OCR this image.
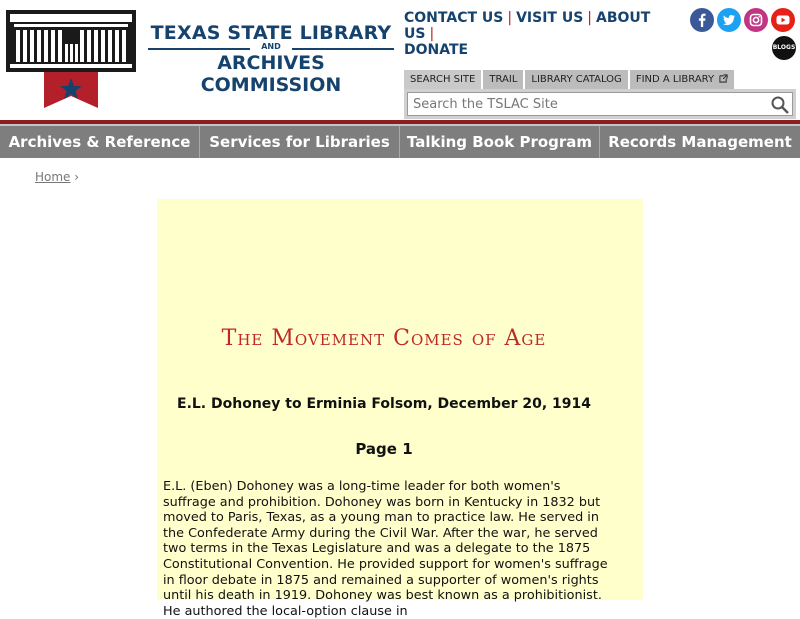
TEXAS STATE LIBRARY
AND
ARCHIVES COMMISSION
CONTACT US | VISIT US | ABOUT US |
DONATE	BLOGS
SEARCH SITE	TRAIL	LIBRARY CATALOG	FIND A LIBRARY
Search the TSLAC Site
Archives & Reference	Services for Libraries	Talking Book Program	Records Management
Home ›
The Movement Comes of Age
E.L. Dohoney to Erminia Folsom, December 20, 1914
Page 1

E.L. (Eben) Dohoney was a long-time leader for both women's suffrage and prohibition. Dohoney was born in Kentucky in 1832 but moved to Paris, Texas, as a young man to practice law. He served in the Confederate Army during the Civil War. After the war, he served two terms in the Texas Legislature and was a delegate to the 1875 Constitutional Convention. He provided support for women's suffrage in floor debate in 1875 and remained a supporter of women's rights until his death in 1919. Dohoney was best known as a prohibitionist. He authored the local-option clause in
